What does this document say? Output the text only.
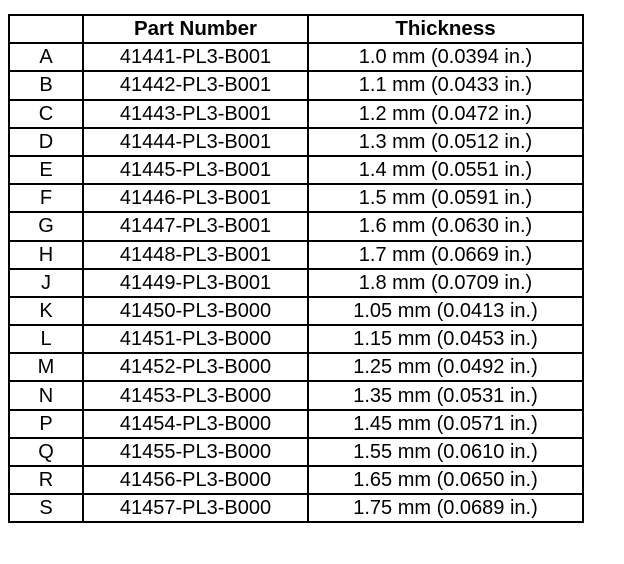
	Part Number	Thickness
A	41441-PL3-B001	1.0 mm (0.0394 in.)
B	41442-PL3-B001	1.1 mm (0.0433 in.)
C	41443-PL3-B001	1.2 mm (0.0472 in.)
D	41444-PL3-B001	1.3 mm (0.0512 in.)
E	41445-PL3-B001	1.4 mm (0.0551 in.)
F	41446-PL3-B001	1.5 mm (0.0591 in.)
G	41447-PL3-B001	1.6 mm (0.0630 in.)
H	41448-PL3-B001	1.7 mm (0.0669 in.)
J	41449-PL3-B001	1.8 mm (0.0709 in.)
K	41450-PL3-B000	1.05 mm (0.0413 in.)
L	41451-PL3-B000	1.15 mm (0.0453 in.)
M	41452-PL3-B000	1.25 mm (0.0492 in.)
N	41453-PL3-B000	1.35 mm (0.0531 in.)
P	41454-PL3-B000	1.45 mm (0.0571 in.)
Q	41455-PL3-B000	1.55 mm (0.0610 in.)
R	41456-PL3-B000	1.65 mm (0.0650 in.)
S	41457-PL3-B000	1.75 mm (0.0689 in.)
